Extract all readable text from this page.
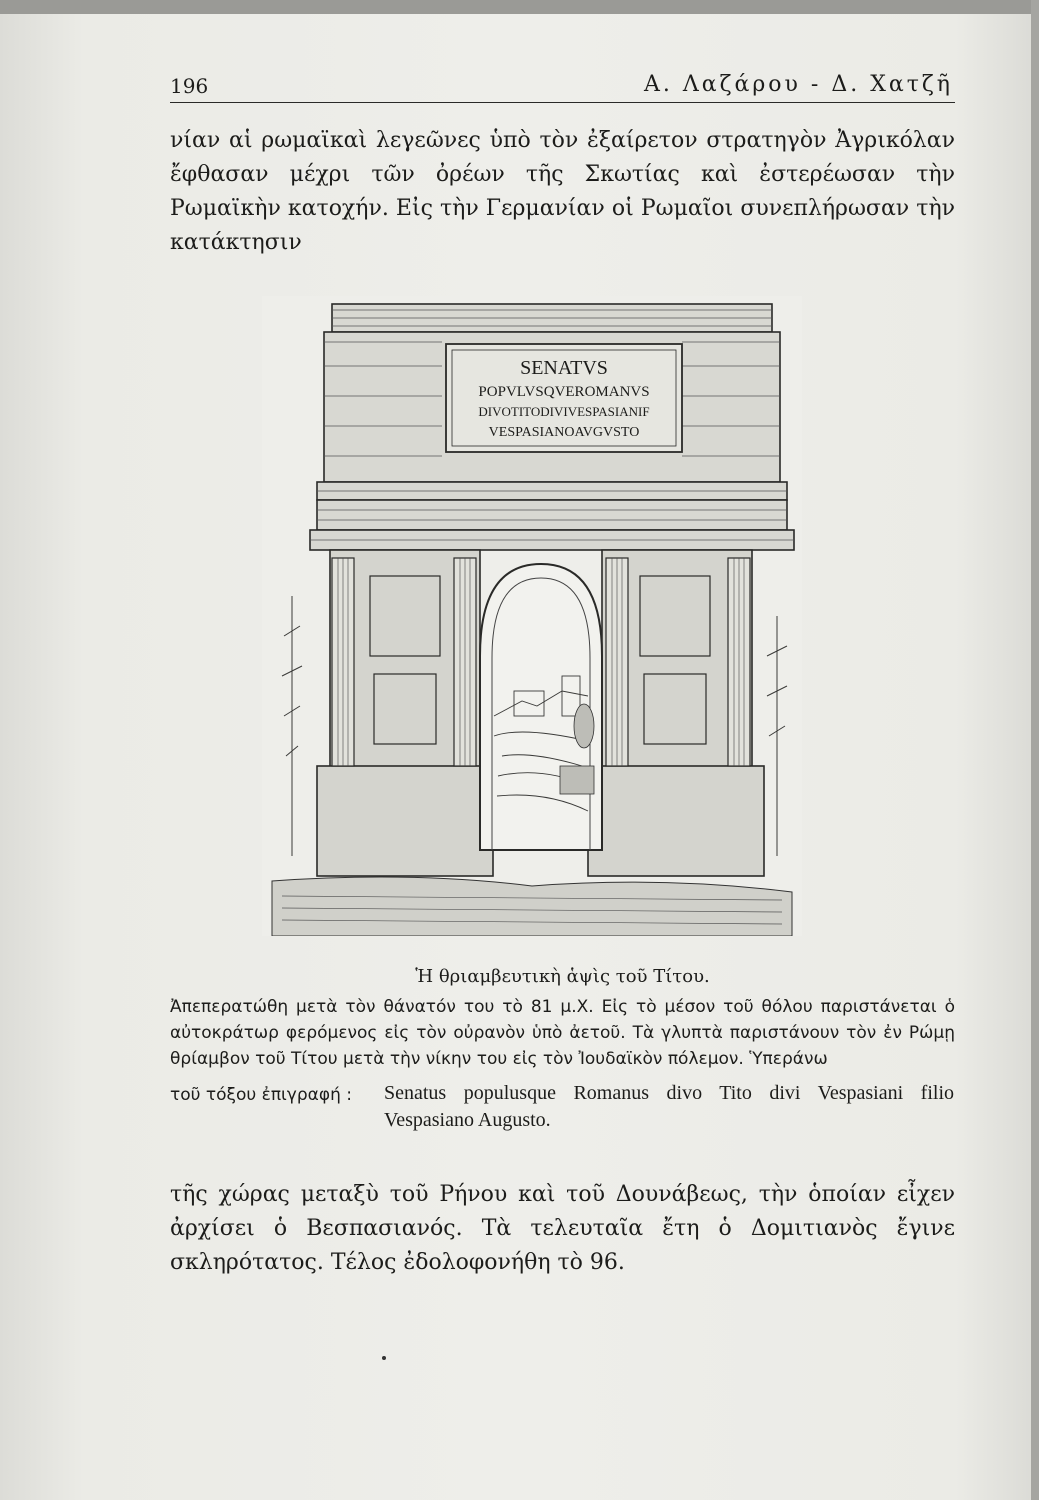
196	Α. Λαζάρου - Δ. Χατζῆ

νίαν αἱ ρωμαϊκαὶ λεγεῶνες ὑπὸ τὸν ἐξαίρετον στρατηγὸν Ἀγρικόλαν ἔφθασαν μέχρι τῶν ὀρέων τῆς Σκωτίας καὶ ἐστερέωσαν τὴν Ρωμαϊκὴν κατοχήν. Εἰς τὴν Γερμανίαν οἱ Ρωμαῖοι συνεπλήρωσαν τὴν κατάκτησιν

SENATVS
POPVLVSQVEROMANVS
DIVOTITODIVIVESPASIANIF
VESPASIANOAVGVSTO
Ἡ θριαμβευτικὴ ἁψὶς τοῦ Τίτου.
Ἀπεπερατώθη μετὰ τὸν θάνατόν του τὸ 81 μ.Χ. Εἰς τὸ μέσον τοῦ θόλου παριστάνεται ὁ αὐτοκράτωρ φερόμενος εἰς τὸν οὐρανὸν ὑπὸ ἀετοῦ. Τὰ γλυπτὰ παριστάνουν τὸν ἐν Ρώμῃ θρίαμβον τοῦ Τίτου μετὰ τὴν νίκην του εἰς τὸν Ἰουδαϊκὸν πόλεμον. Ὑπεράνω
τοῦ τόξου ἐπιγραφή : Senatus populusque Romanus divo Tito divi Vespasiani filio Vespasiano Augusto.

τῆς χώρας μεταξὺ τοῦ Ρήνου καὶ τοῦ Δουνάβεως, τὴν ὁποίαν εἶχεν ἀρχίσει ὁ Βεσπασιανός. Τὰ τελευταῖα ἔτη ὁ Δομιτιανὸς ἔγινε σκληρότατος. Τέλος ἐδολοφονήθη τὸ 96.
